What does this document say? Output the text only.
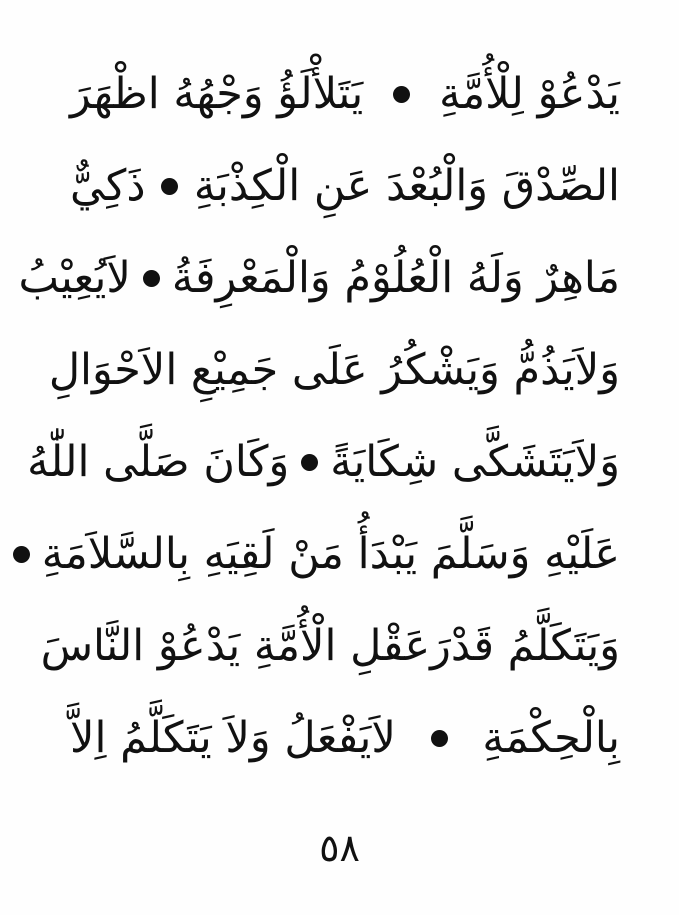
يَدْعُوْ لِلْأُمَّةِ
يَتَلأْلَؤُ وَجْهُهُ اظْهَرَ
الصِّدْقَ وَالْبُعْدَ عَنِ الْكِذْبَةِ
ذَكِيٌّ
مَاهِرٌ وَلَهُ الْعُلُوْمُ وَالْمَعْرِفَةُ
لاَيُعِيْبُ
وَلاَيَذُمُّ وَيَشْكُرُ عَلَى جَمِيْعِ الاَحْوَالِ
وَلاَيَتَشَكَّى شِكَايَةً
وَكَانَ صَلَّى اللّٰهُ
عَلَيْهِ وَسَلَّمَ يَبْدَأُ مَنْ لَقِيَهِ بِالسَّلاَمَةِ
وَيَتَكَلَّمُ قَدْرَعَقْلِ الْأُمَّةِ يَدْعُوْ النَّاسَ
بِالْحِكْمَةِ
لاَيَفْعَلُ وَلاَ يَتَكَلَّمُ اِلاَّ
٥٨
